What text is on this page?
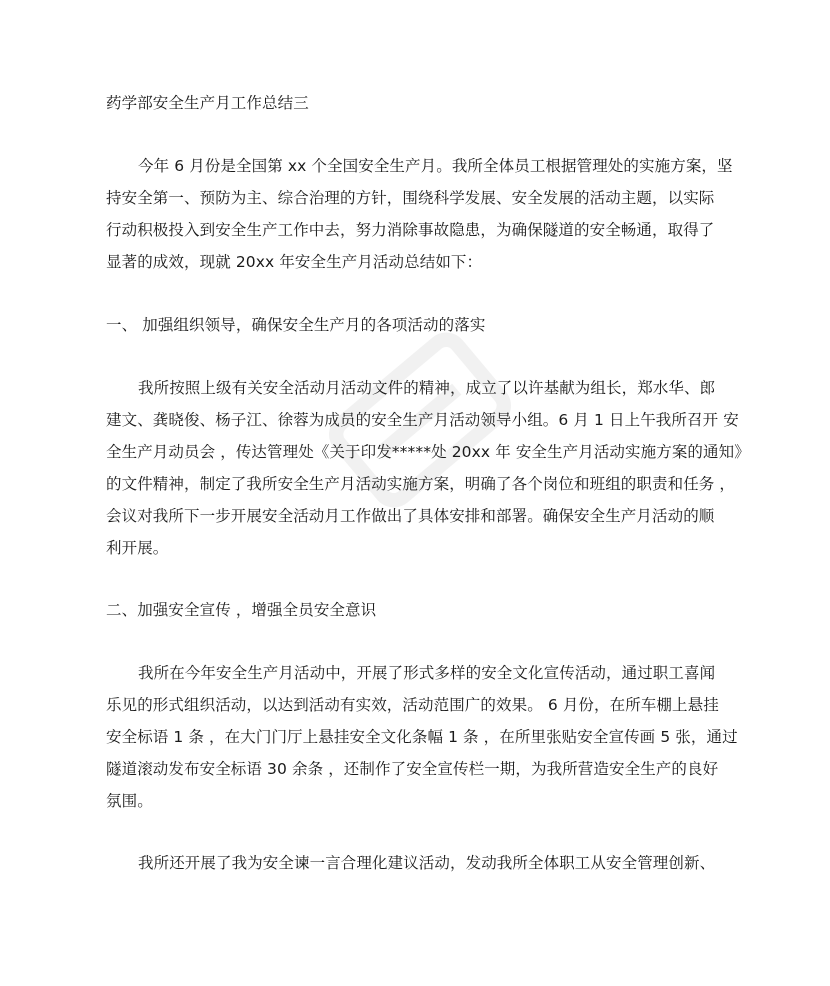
药学部安全生产月工作总结三
今年 6 月份是全国第 xx 个全国安全生产月。我所全体员工根据管理处的实施方案，坚
持安全第一、预防为主、综合治理的方针，围绕科学发展、安全发展的活动主题，以实际
行动积极投入到安全生产工作中去，努力消除事故隐患，为确保隧道的安全畅通，取得了
显著的成效，现就 20xx 年安全生产月活动总结如下：
一、 加强组织领导，确保安全生产月的各项活动的落实
我所按照上级有关安全活动月活动文件的精神，成立了以许基献为组长，郑水华、郎
建文、龚晓俊、杨子江、徐蓉为成员的安全生产月活动领导小组。6 月 1 日上午我所召开 安
全生产月动员会 ，传达管理处《关于印发*****处 20xx 年 安全生产月活动实施方案的通知》
的文件精神，制定了我所安全生产月活动实施方案，明确了各个岗位和班组的职责和任务 ，
会议对我所下一步开展安全活动月工作做出了具体安排和部署。确保安全生产月活动的顺
利开展。
二、加强安全宣传 ，增强全员安全意识
我所在今年安全生产月活动中，开展了形式多样的安全文化宣传活动，通过职工喜闻
乐见的形式组织活动，以达到活动有实效，活动范围广的效果。 6 月份，在所车棚上悬挂
安全标语 1 条 ，在大门门厅上悬挂安全文化条幅 1 条 ，在所里张贴安全宣传画 5 张，通过
隧道滚动发布安全标语 30 余条 ，还制作了安全宣传栏一期，为我所营造安全生产的良好
氛围。
我所还开展了我为安全谏一言合理化建议活动，发动我所全体职工从安全管理创新、
